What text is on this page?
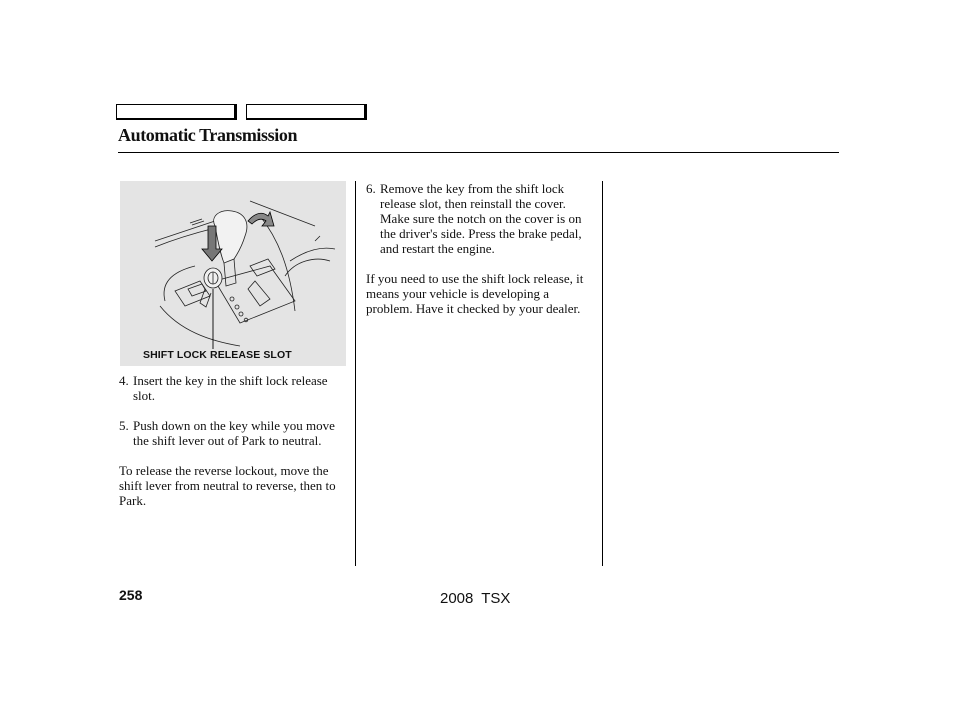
Automatic Transmission
SHIFT LOCK RELEASE SLOT
4. Insert the key in the shift lock release slot.
5. Push down on the key while you move the shift lever out of Park to neutral.
To release the reverse lockout, move the shift lever from neutral to reverse, then to Park.
6. Remove the key from the shift lock release slot, then reinstall the cover. Make sure the notch on the cover is on the driver's side. Press the brake pedal, and restart the engine.
If you need to use the shift lock release, it means your vehicle is developing a problem. Have it checked by your dealer.
258	2008 TSX
